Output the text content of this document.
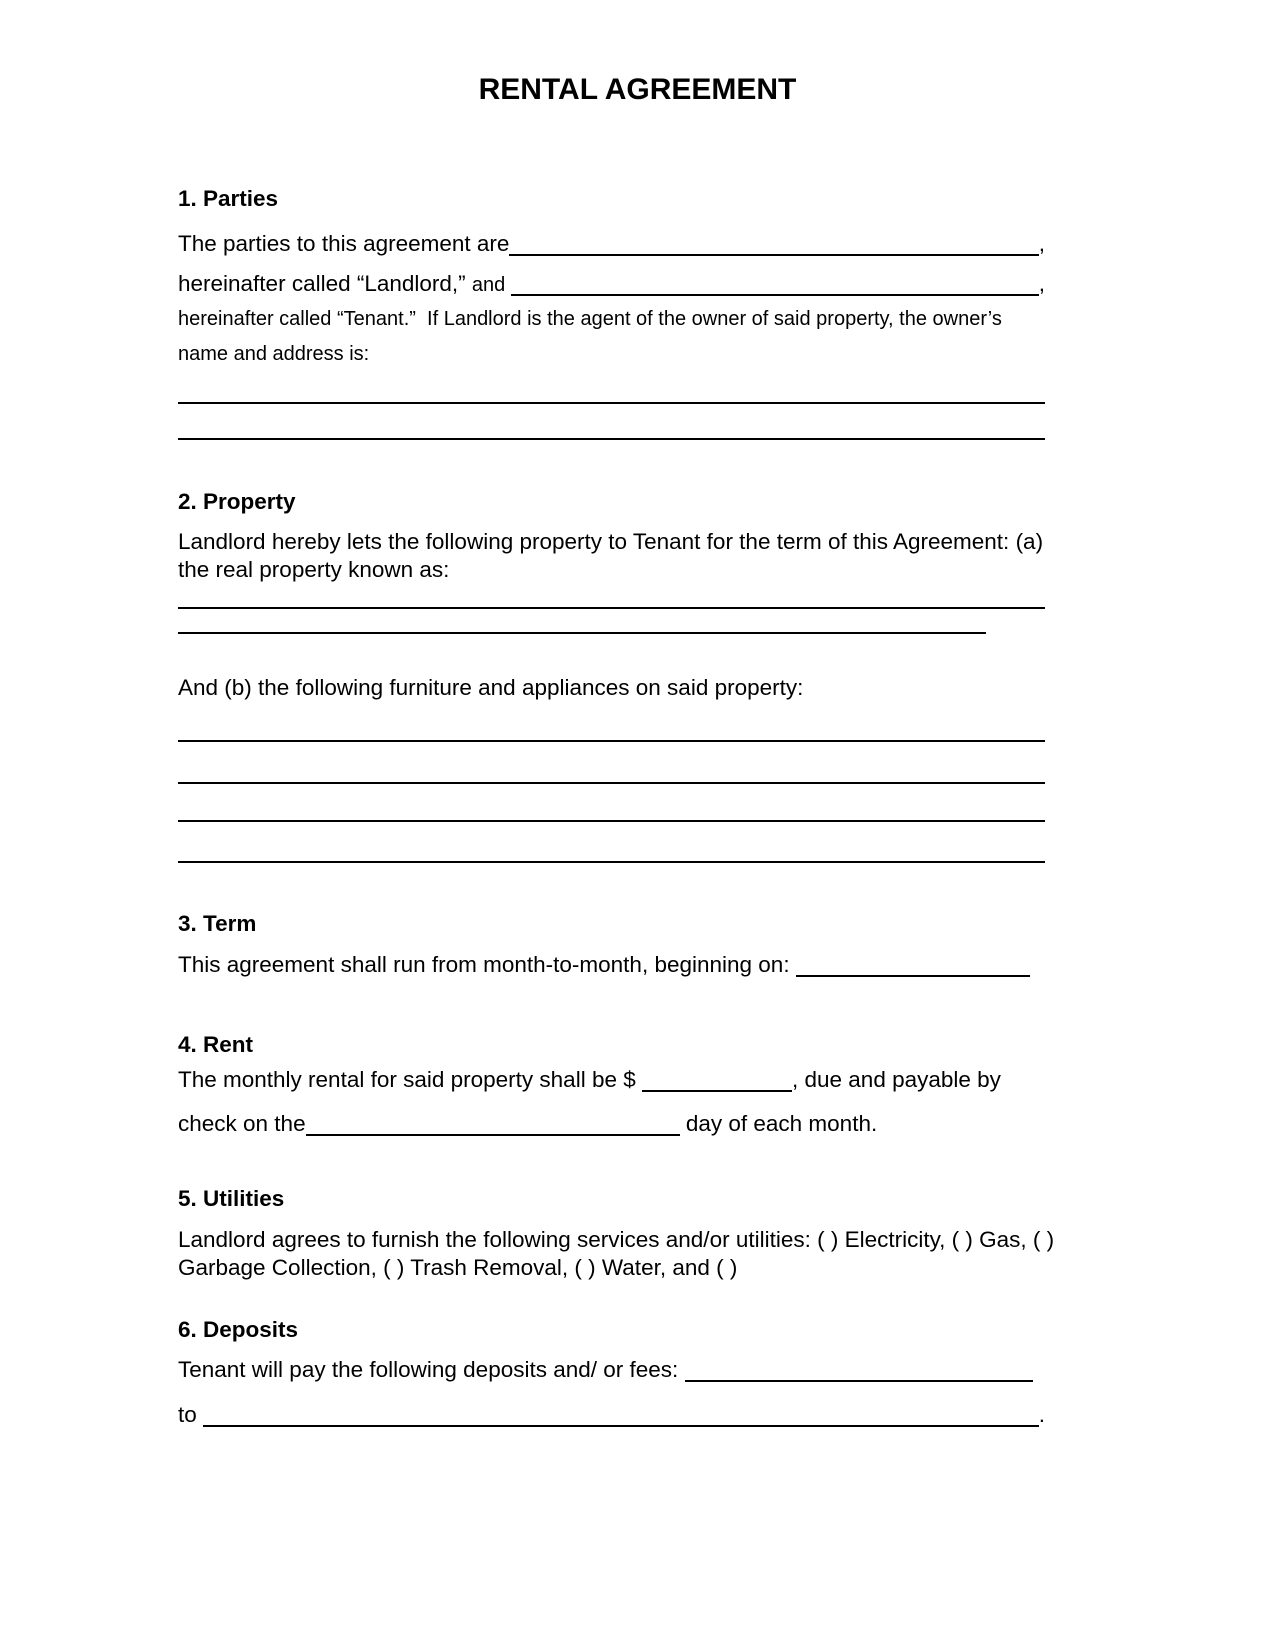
RENTAL AGREEMENT
1. Parties
The parties to this agreement are	,
hereinafter called “Landlord,” and	,
hereinafter called “Tenant.”  If Landlord is the agent of the owner of said property, the owner’s
name and address is:
2. Property
Landlord hereby lets the following property to Tenant for the term of this Agreement: (a)
the real property known as:
And (b) the following furniture and appliances on said property:
3. Term
This agreement shall run from month-to-month, beginning on:
4. Rent
The monthly rental for said property shall be $	, due and payable by
check on the	day of each month.
5. Utilities
Landlord agrees to furnish the following services and/or utilities: ( ) Electricity, ( ) Gas, ( )
Garbage Collection, ( ) Trash Removal, ( ) Water, and ( )
6. Deposits
Tenant will pay the following deposits and/ or fees:
to	.
